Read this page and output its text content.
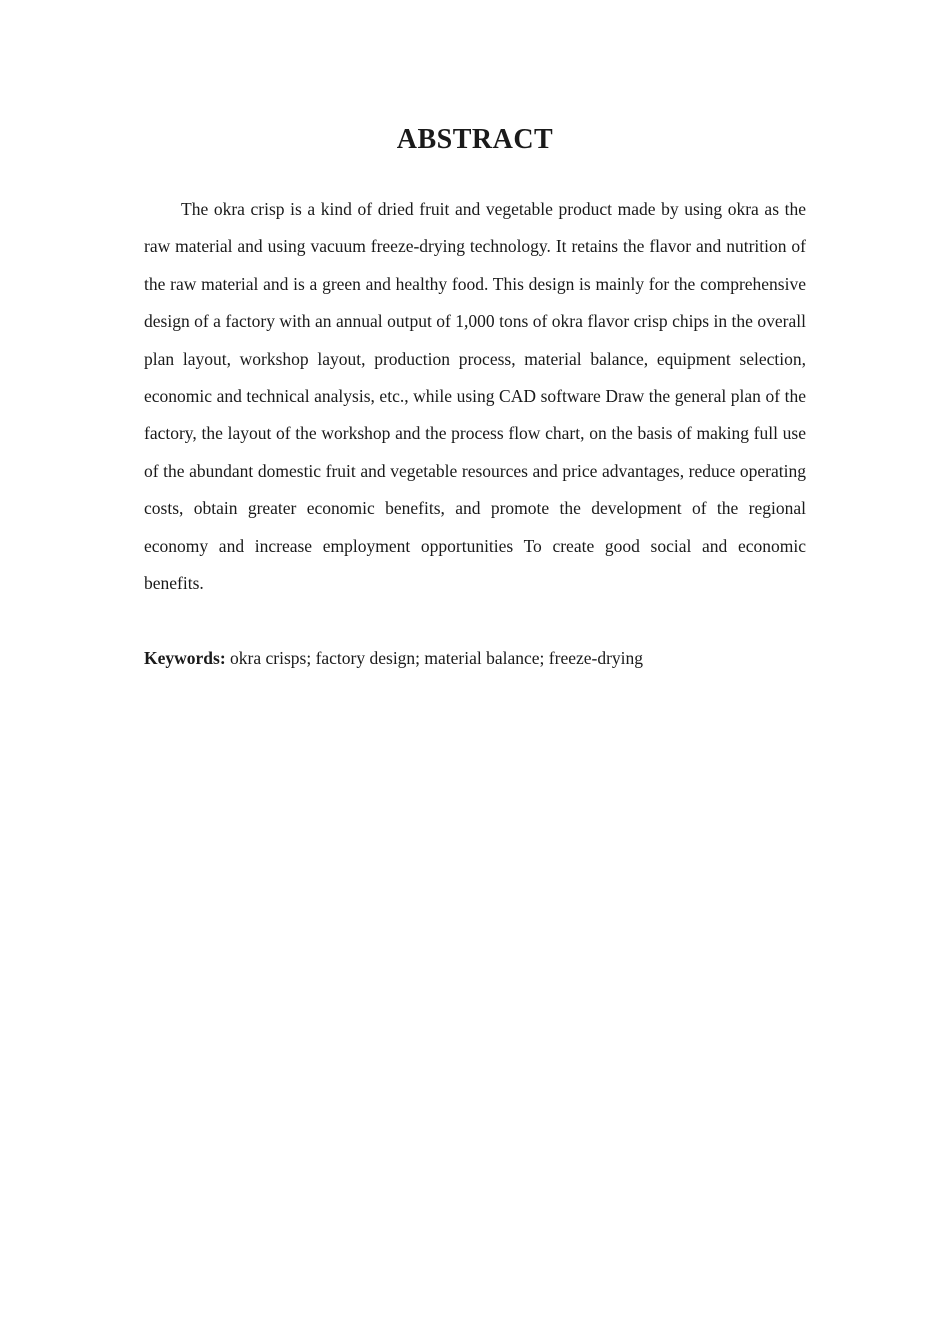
ABSTRACT

The okra crisp is a kind of dried fruit and vegetable product made by using okra as the raw material and using vacuum freeze-drying technology. It retains the flavor and nutrition of the raw material and is a green and healthy food. This design is mainly for the comprehensive design of a factory with an annual output of 1,000 tons of okra flavor crisp chips in the overall plan layout, workshop layout, production process, material balance, equipment selection, economic and technical analysis, etc., while using CAD software Draw the general plan of the factory, the layout of the workshop and the process flow chart, on the basis of making full use of the abundant domestic fruit and vegetable resources and price advantages, reduce operating costs, obtain greater economic benefits, and promote the development of the regional economy and increase employment opportunities To create good social and economic benefits.

Keywords: okra crisps; factory design; material balance; freeze-drying
